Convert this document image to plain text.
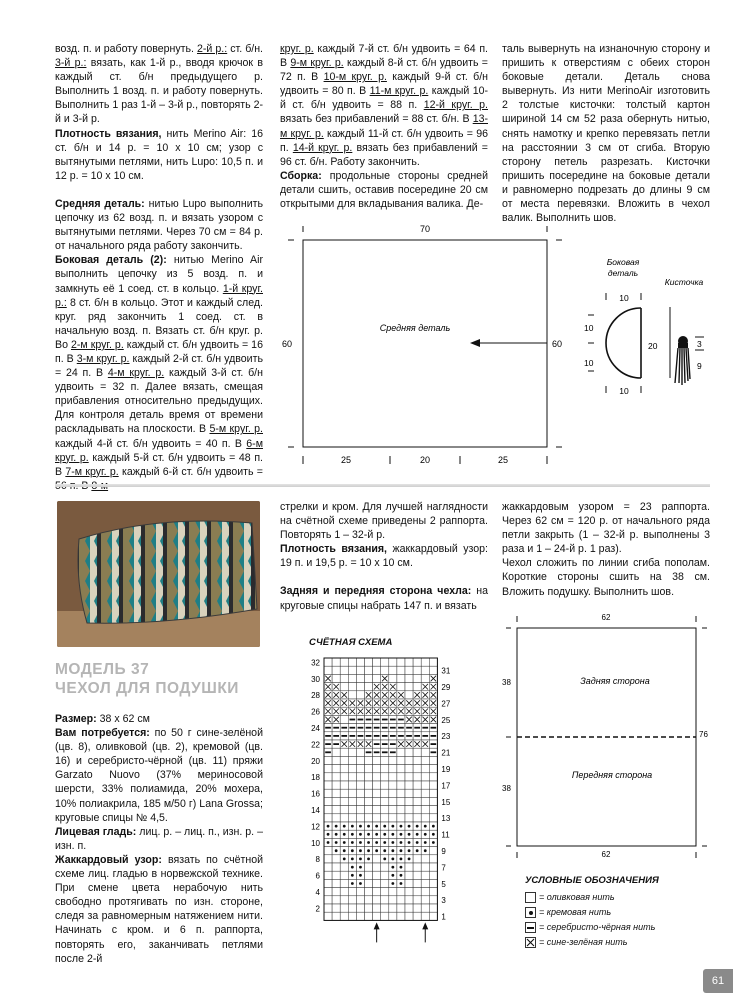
возд. п. и работу повернуть. 2-й р.: ст. б/н. 3-й р.: вязать, как 1-й р., вводя крючок в каждый ст. б/н предыдущего р. Выполнить 1 возд. п. и работу повернуть. Выполнить 1 раз 1-й – 3-й р., повторять 2-й и 3-й р.

Плотность вязания, нить Merino Air: 16 ст. б/н и 14 р. = 10 x 10 см; узор с вытянутыми петлями, нить Lupo: 10,5 п. и 12 р. = 10 x 10 см.

Средняя деталь: нитью Lupo выполнить цепочку из 62 возд. п. и вязать узором с вытянутыми петлями. Через 70 см = 84 р. от начального ряда работу закончить.

Боковая деталь (2): нитью Merino Air выполнить цепочку из 5 возд. п. и замкнуть её 1 соед. ст. в кольцо. 1-й круг. р.: 8 ст. б/н в кольцо. Этот и каждый след. круг. ряд закончить 1 соед. ст. в начальную возд. п. Вязать ст. б/н круг. р. Во 2-м круг. р. каждый ст. б/н удвоить = 16 п. В 3-м круг. р. каждый 2-й ст. б/н удвоить = 24 п. В 4-м круг. р. каждый 3-й ст. б/н удвоить = 32 п. Далее вязать, смещая прибавления относительно предыдущих. Для контроля деталь время от времени раскладывать на плоскости. В 5-м круг. р. каждый 4-й ст. б/н удвоить = 40 п. В 6-м круг. р. каждый 5-й ст. б/н удвоить = 48 п. В 7-м круг. р. каждый 6-й ст. б/н удвоить =

круг. р. каждый 7-й ст. б/н удвоить = 64 п. В 9-м круг. р. каждый 8-й ст. б/н удвоить = 72 п. В 10-м круг. р. каждый 9-й ст. б/н удвоить = 80 п. В 11-м круг. р. каждый 10-й ст. б/н удвоить = 88 п. 12-й круг. р. вязать без прибавлений = 88 ст. б/н. В 13-м круг. р. каждый 11-й ст. б/н удвоить = 96 п. 14-й круг. р. вязать без прибавлений = 96 ст. б/н. Работу закончить.

Сборка: продольные стороны средней детали сшить, оставив посередине 20 см открытыми для вкладывания валика. Де-

таль вывернуть на изнаночную сторону и пришить к отверстиям с обеих сторон боковые детали. Деталь снова вывернуть. Из нити MerinoAir изготовить 2 толстые кисточки: толстый картон шириной 14 см 52 раза обернуть нитью, снять намотку и крепко перевязать петли на расстоянии 3 см от сгиба. Вторую сторону петель разрезать. Кисточки пришить посередине на боковые детали и равномерно подрезать до длины 9 см от места перевязки. Вложить в чехол валик. Выполнить шов.

70
60	60
25	20	25
Средняя деталь
Боковая
деталь
Кисточка
10
10
10
20
10
3
9
МОДЕЛЬ 37
ЧЕХОЛ ДЛЯ ПОДУШКИ

Размер: 38 x 62 см

Вам потребуется: по 50 г сине-зелёной (цв. 8), оливковой (цв. 2), кремовой (цв. 16) и серебристо-чёрной (цв. 11) пряжи Garzato Nuovo (37% мериносовой шерсти, 33% полиамида, 20% мохера, 10% полиакрила, 185 м/50 г) Lana Grossa; круговые спицы № 4,5.

Лицевая гладь: лиц. р. – лиц. п., изн. р. – изн. п.

Жаккардовый узор: вязать по счётной схеме лиц. гладью в норвежской технике. При смене цвета нерабочую нить свободно протягивать по изн. стороне, следя за равномерным натяжением нити. Начинать с кром. и 6 п. раппорта, повторять его, заканчивать петлями после 2-й

стрелки и кром. Для лучшей наглядности на счётной схеме приведены 2 раппорта. Повторять 1 – 32-й р.

Плотность вязания, жаккардовый узор: 19 п. и 19,5 р. = 10 x 10 см.

Задняя и передняя сторона чехла: на круговые спицы набрать 147 п. и вязать

жаккардовым узором = 23 раппорта. Через 62 см = 120 р. от начального ряда петли закрыть (1 – 32-й р. выполнены 3 раза и 1 – 24-й р. 1 раз).

Чехол сложить по линии сгиба пополам. Короткие стороны сшить на 38 см. Вложить подушку. Выполнить шов.

СЧЁТНАЯ СХЕМА
32
30
28
26
24
22
20
18
16
14
12
10
8
6
4
2
31
29
27
25
23
21
19
17
15
13
11
9
7
5
3
1
62
62
38
38
76
Задняя сторона
Передняя сторона
УСЛОВНЫЕ ОБОЗНАЧЕНИЯ
= оливковая нить
= кремовая нить
= серебристо-чёрная нить
= сине-зелёная нить
61
